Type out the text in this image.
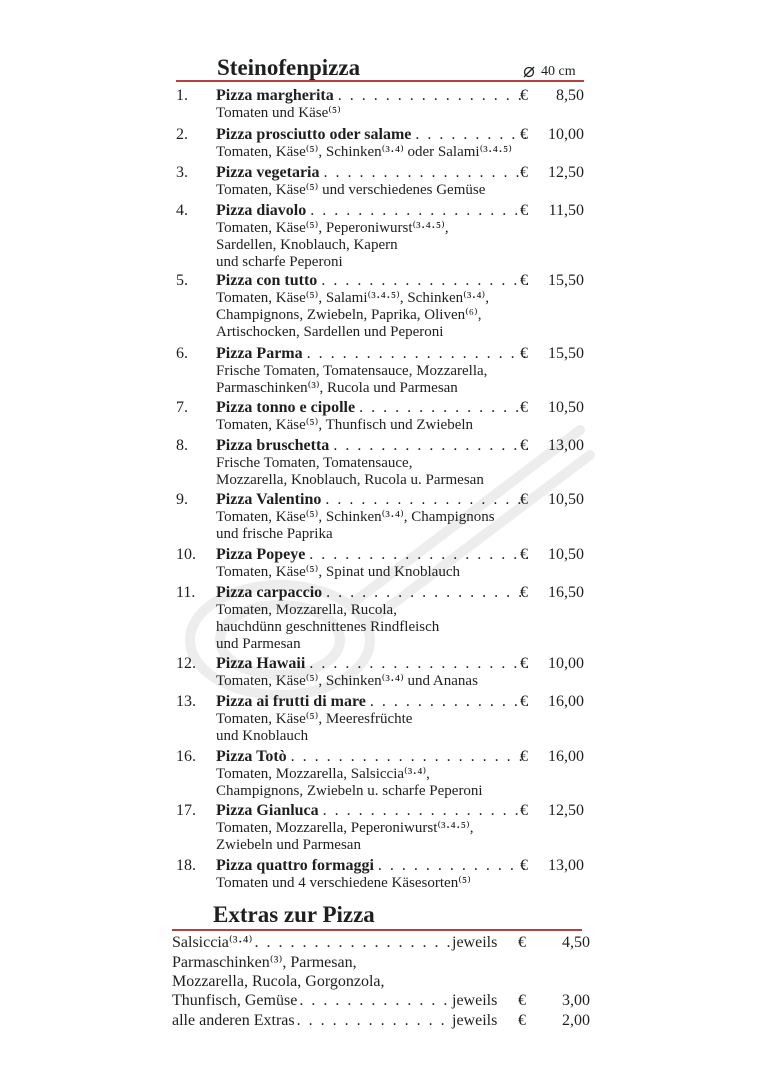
Steinofenpizza	40 cm
1. Pizza margherita . . .	€	8,50
Tomaten und Käse⁽⁵⁾
2. Pizza prosciutto oder salame . . .	€	10,00
Tomaten, Käse⁽⁵⁾, Schinken⁽³·⁴⁾ oder Salami⁽³·⁴·⁵⁾
3. Pizza vegetaria . . .	€	12,50
Tomaten, Käse⁽⁵⁾ und verschiedenes Gemüse
4. Pizza diavolo . . .	€	11,50
Tomaten, Käse⁽⁵⁾, Peperoniwurst⁽³·⁴·⁵⁾,
Sardellen, Knoblauch, Kapern
und scharfe Peperoni
5. Pizza con tutto . . .	€	15,50
Tomaten, Käse⁽⁵⁾, Salami⁽³·⁴·⁵⁾, Schinken⁽³·⁴⁾,
Champignons, Zwiebeln, Paprika, Oliven⁽⁶⁾,
Artischocken, Sardellen und Peperoni
6. Pizza Parma . . .	€	15,50
Frische Tomaten, Tomatensauce, Mozzarella,
Parmaschinken⁽³⁾, Rucola und Parmesan
7. Pizza tonno e cipolle . . .	€	10,50
Tomaten, Käse⁽⁵⁾, Thunfisch und Zwiebeln
8. Pizza bruschetta . . .	€	13,00
Frische Tomaten, Tomatensauce,
Mozzarella, Knoblauch, Rucola u. Parmesan
9. Pizza Valentino . . .	€	10,50
Tomaten, Käse⁽⁵⁾, Schinken⁽³·⁴⁾, Champignons
und frische Paprika
10. Pizza Popeye . . .	€	10,50
Tomaten, Käse⁽⁵⁾, Spinat und Knoblauch
11. Pizza carpaccio . . .	€	16,50
Tomaten, Mozzarella, Rucola,
hauchdünn geschnittenes Rindfleisch
und Parmesan
12. Pizza Hawaii . . .	€	10,00
Tomaten, Käse⁽⁵⁾, Schinken⁽³·⁴⁾ und Ananas
13. Pizza ai frutti di mare . . .	€	16,00
Tomaten, Käse⁽⁵⁾, Meeresfrüchte
und Knoblauch
16. Pizza Totò . . .	€	16,00
Tomaten, Mozzarella, Salsiccia⁽³·⁴⁾,
Champignons, Zwiebeln u. scharfe Peperoni
17. Pizza Gianluca . . .	€	12,50
Tomaten, Mozzarella, Peperoniwurst⁽³·⁴·⁵⁾,
Zwiebeln und Parmesan
18. Pizza quattro formaggi . . .	€	13,00
Tomaten und 4 verschiedene Käsesorten⁽⁵⁾
Extras zur Pizza
Salsiccia⁽³·⁴⁾ . . .	jeweils €	4,50
Parmaschinken⁽³⁾, Parmesan,
Mozzarella, Rucola, Gorgonzola,
Thunfisch, Gemüse . . .	jeweils €	3,00
alle anderen Extras . . .	jeweils €	2,00
